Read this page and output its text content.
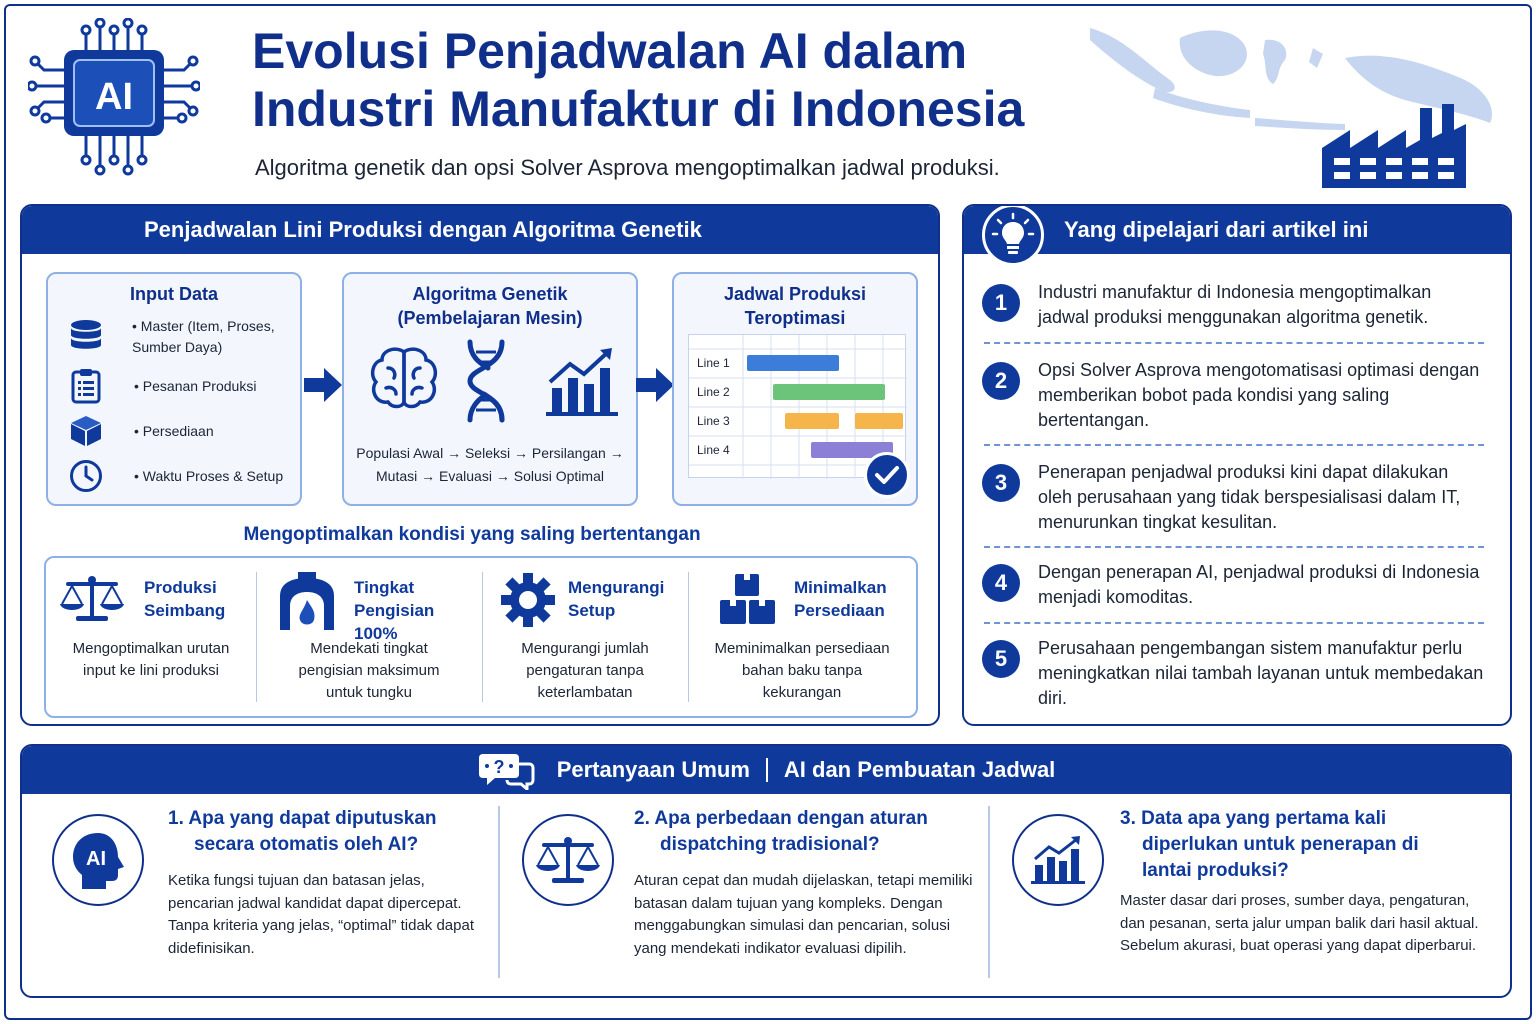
AI
Evolusi Penjadwalan AI dalam
Industri Manufaktur di Indonesia
Algoritma genetik dan opsi Solver Asprova mengoptimalkan jadwal produksi.
Penjadwalan Lini Produksi dengan Algoritma Genetik
Input Data
• Master (Item, Proses,
Sumber Daya)
• Pesanan Produksi
• Persediaan
• Waktu Proses & Setup
Algoritma Genetik
(Pembelajaran Mesin)
Populasi Awal → Seleksi → Persilangan →
Mutasi → Evaluasi → Solusi Optimal
Jadwal Produksi
Teroptimasi
Line 1
Line 2
Line 3
Line 4
Mengoptimalkan kondisi yang saling bertentangan
Produksi
Seimbang
Mengoptimalkan urutan
input ke lini produksi
Tingkat
Pengisian 100%
Mendekati tingkat
pengisian maksimum
untuk tungku
Mengurangi
Setup
Mengurangi jumlah
pengaturan tanpa
keterlambatan
Minimalkan
Persediaan
Meminimalkan persediaan
bahan baku tanpa
kekurangan
Yang dipelajari dari artikel ini
1	Industri manufaktur di Indonesia mengoptimalkan jadwal produksi menggunakan algoritma genetik.
2	Opsi Solver Asprova mengotomatisasi optimasi dengan memberikan bobot pada kondisi yang saling bertentangan.
3	Penerapan penjadwal produksi kini dapat dilakukan oleh perusahaan yang tidak berspesialisasi dalam IT, menurunkan tingkat kesulitan.
4	Dengan penerapan AI, penjadwal produksi di Indonesia menjadi komoditas.
5	Perusahaan pengembangan sistem manufaktur perlu meningkatkan nilai tambah layanan untuk membedakan diri.
? Pertanyaan Umum AI dan Pembuatan Jadwal
AI
1. Apa yang dapat diputuskan
secara otomatis oleh AI?
Ketika fungsi tujuan dan batasan jelas, pencarian jadwal kandidat dapat dipercepat. Tanpa kriteria yang jelas, “optimal” tidak dapat didefinisikan.
2. Apa perbedaan dengan aturan
dispatching tradisional?
Aturan cepat dan mudah dijelaskan, tetapi memiliki batasan dalam tujuan yang kompleks. Dengan menggabungkan simulasi dan pencarian, solusi yang mendekati indikator evaluasi dipilih.
3. Data apa yang pertama kali
diperlukan untuk penerapan di
lantai produksi?
Master dasar dari proses, sumber daya, pengaturan, dan pesanan, serta jalur umpan balik dari hasil aktual. Sebelum akurasi, buat operasi yang dapat diperbarui.
